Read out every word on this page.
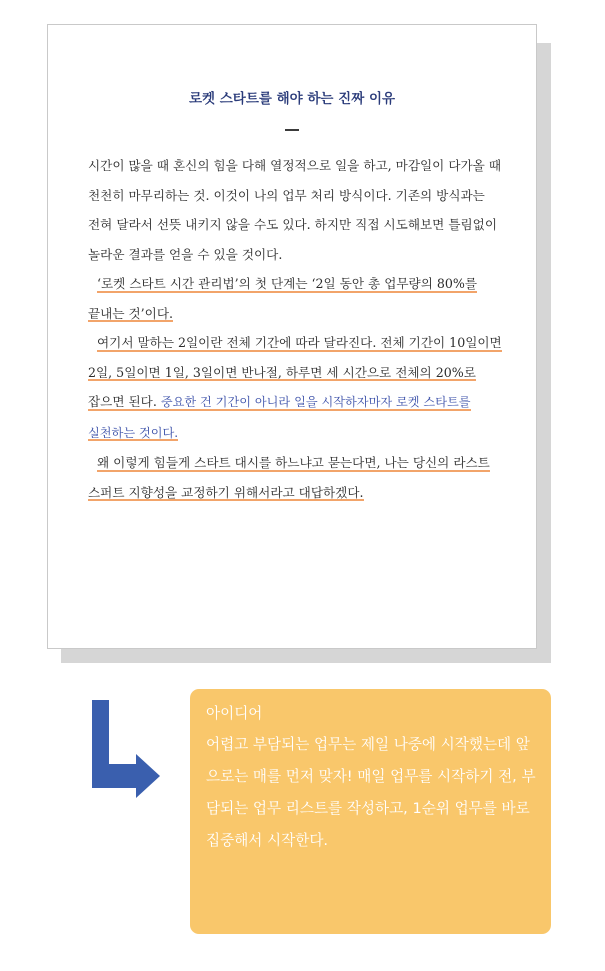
로켓 스타트를 해야 하는 진짜 이유

시간이 많을 때 혼신의 힘을 다해 열정적으로 일을 하고, 마감일이 다가올 때 천천히 마무리하는 것. 이것이 나의 업무 처리 방식이다. 기존의 방식과는 전혀 달라서 선뜻 내키지 않을 수도 있다. 하지만 직접 시도해보면 틀림없이 놀라운 결과를 얻을 수 있을 것이다.

‘로켓 스타트 시간 관리법’의 첫 단계는 ‘2일 동안 총 업무량의 80%를 끝내는 것’이다.

여기서 말하는 2일이란 전체 기간에 따라 달라진다. 전체 기간이 10일이면 2일, 5일이면 1일, 3일이면 반나절, 하루면 세 시간으로 전체의 20%로 잡으면 된다. 중요한 건 기간이 아니라 일을 시작하자마자 로켓 스타트를 실천하는 것이다.

왜 이렇게 힘들게 스타트 대시를 하느냐고 묻는다면, 나는 당신의 라스트 스퍼트 지향성을 교정하기 위해서라고 대답하겠다.

아이디어

어렵고 부담되는 업무는 제일 나중에 시작했는데 앞으로는 매를 먼저 맞자! 매일 업무를 시작하기 전, 부담되는 업무 리스트를 작성하고, 1순위 업무를 바로 집중해서 시작한다.
